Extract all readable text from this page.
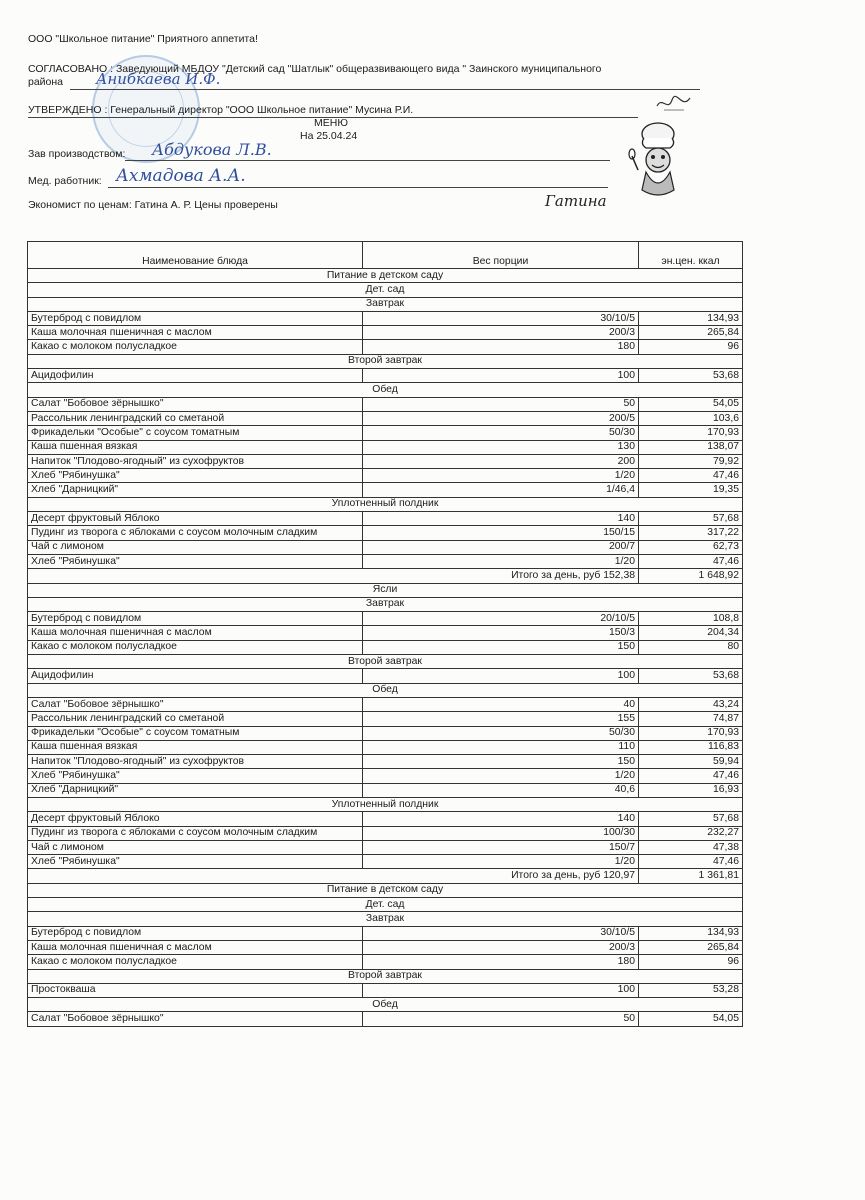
ООО "Школьное питание" Приятного аппетита!
СОГЛАСОВАНО : Заведующий МБДОУ "Детский сад "Шатлык" общеразвивающего вида " Заинского муниципального
района Анибкаева И.Ф.
УТВЕРЖДЕНО : Генеральный директор "ООО Школьное питание" Мусина Р.И.
МЕНЮ
На 25.04.24
Зав производством: Абдукова Л.В.
Мед. работник: Ахмадова А.А.
Экономист по ценам: Гатина А. Р. Цены проверены	Гатина
Наименование блюда	Вес порции	эн.цен. ккал
Питание в детском саду		
Дет. сад		
Завтрак		
Бутерброд с повидлом	30/10/5	134,93
Каша молочная пшеничная с маслом	200/3	265,84
Какао с молоком полусладкое	180	96
Второй завтрак		
Ацидофилин	100	53,68
Обед		
Салат "Бобовое зёрнышко"	50	54,05
Рассольник ленинградский со сметаной	200/5	103,6
Фрикадельки "Особые" с соусом томатным	50/30	170,93
Каша пшенная вязкая	130	138,07
Напиток "Плодово-ягодный" из сухофруктов	200	79,92
Хлеб "Рябинушка"	1/20	47,46
Хлеб "Дарницкий"	1/46,4	19,35
Уплотненный полдник		
Десерт фруктовый Яблоко	140	57,68
Пудинг из творога с яблоками с соусом молочным сладким	150/15	317,22
Чай с лимоном	200/7	62,73
Хлеб "Рябинушка"	1/20	47,46
Итого за день, руб 152,38		1 648,92
Ясли		
Завтрак		
Бутерброд с повидлом	20/10/5	108,8
Каша молочная пшеничная с маслом	150/3	204,34
Какао с молоком полусладкое	150	80
Второй завтрак		
Ацидофилин	100	53,68
Обед		
Салат "Бобовое зёрнышко"	40	43,24
Рассольник ленинградский со сметаной	155	74,87
Фрикадельки "Особые" с соусом томатным	50/30	170,93
Каша пшенная вязкая	110	116,83
Напиток "Плодово-ягодный" из сухофруктов	150	59,94
Хлеб "Рябинушка"	1/20	47,46
Хлеб "Дарницкий"	40,6	16,93
Уплотненный полдник		
Десерт фруктовый Яблоко	140	57,68
Пудинг из творога с яблоками с соусом молочным сладким	100/30	232,27
Чай с лимоном	150/7	47,38
Хлеб "Рябинушка"	1/20	47,46
Итого за день, руб 120,97		1 361,81
Питание в детском саду		
Дет. сад		
Завтрак		
Бутерброд с повидлом	30/10/5	134,93
Каша молочная пшеничная с маслом	200/3	265,84
Какао с молоком полусладкое	180	96
Второй завтрак		
Простокваша	100	53,28
Обед		
Салат "Бобовое зёрнышко"	50	54,05
